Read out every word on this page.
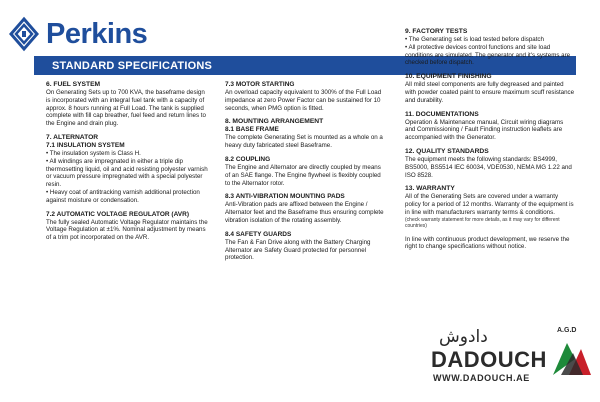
Perkins
STANDARD SPECIFICATIONS
6. FUEL SYSTEM

On Generating Sets up to 700 KVA, the baseframe design is incorporated with an integral fuel tank with a capacity of approx. 8 hours running at Full Load. The tank is supplied complete with fill cap breather, fuel feed and return lines to the Engine and drain plug.

7. ALTERNATOR
7.1 INSULATION SYSTEM

• The insulation system is Class H.

• All windings are impregnated in either a triple dip thermosetting liquid, oil and acid resisting polyester varnish or vacuum pressure impregnated with a special polyester resin.

• Heavy coat of antitracking varnish additional protection against moisture or condensation.

7.2 AUTOMATIC VOLTAGE REGULATOR (AVR)

The fully sealed Automatic Voltage Regulator maintains the Voltage Regulation at ±1%. Nominal adjustment by means of a trim pot incorporated on the AVR.

7.3 MOTOR STARTING

An overload capacity equivalent to 300% of the Full Load impedance at zero Power Factor can be sustained for 10 seconds, when PMG option is fitted.

8. MOUNTING ARRANGEMENT
8.1 BASE FRAME

The complete Generating Set is mounted as a whole on a heavy duty fabricated steel Baseframe.

8.2 COUPLING

The Engine and Alternator are directly coupled by means of an SAE flange. The Engine flywheel is flexibly coupled to the Alternator rotor.

8.3 ANTI-VIBRATION MOUNTING PADS

Anti-Vibration pads are affixed between the Engine / Alternator feet and the Baseframe thus ensuring complete vibration isolation of the rotating assembly.

8.4 SAFETY GUARDS

The Fan & Fan Drive along with the Battery Charging Alternator are Safety Guard protected for personnel protection.

9. FACTORY TESTS

• The Generating set is load tested before dispatch

• All protective devices control functions and site load conditions are simulated. The generator and it's systems are checked before dispatch.

10. EQUIPMENT FINISHING

All mild steel components are fully degreased and painted with powder coated paint to ensure maximum scuff resistance and durability.

11. DOCUMENTATIONS

Operation & Maintenance manual, Circuit wiring diagrams and Commissioning / Fault Finding instruction leaflets are accompanied with the Generator.

12. QUALITY STANDARDS

The equipment meets the following standards: BS4999, BS5000, BS5514 IEC 60034, VDE0530, NEMA MG 1.22 and ISO 8528.

13. WARRANTY

All of the Generating Sets are covered under a warranty policy for a period of 12 months. Warranty of the equipment is in line with manufacturers warranty terms & conditions.

(check warranty statement for more details, as it may vary for different countries)

In line with continuous product development, we reserve the right to change specifications without notice.

دادوش
DADOUCH
WWW.DADOUCH.AE
A.G.D
